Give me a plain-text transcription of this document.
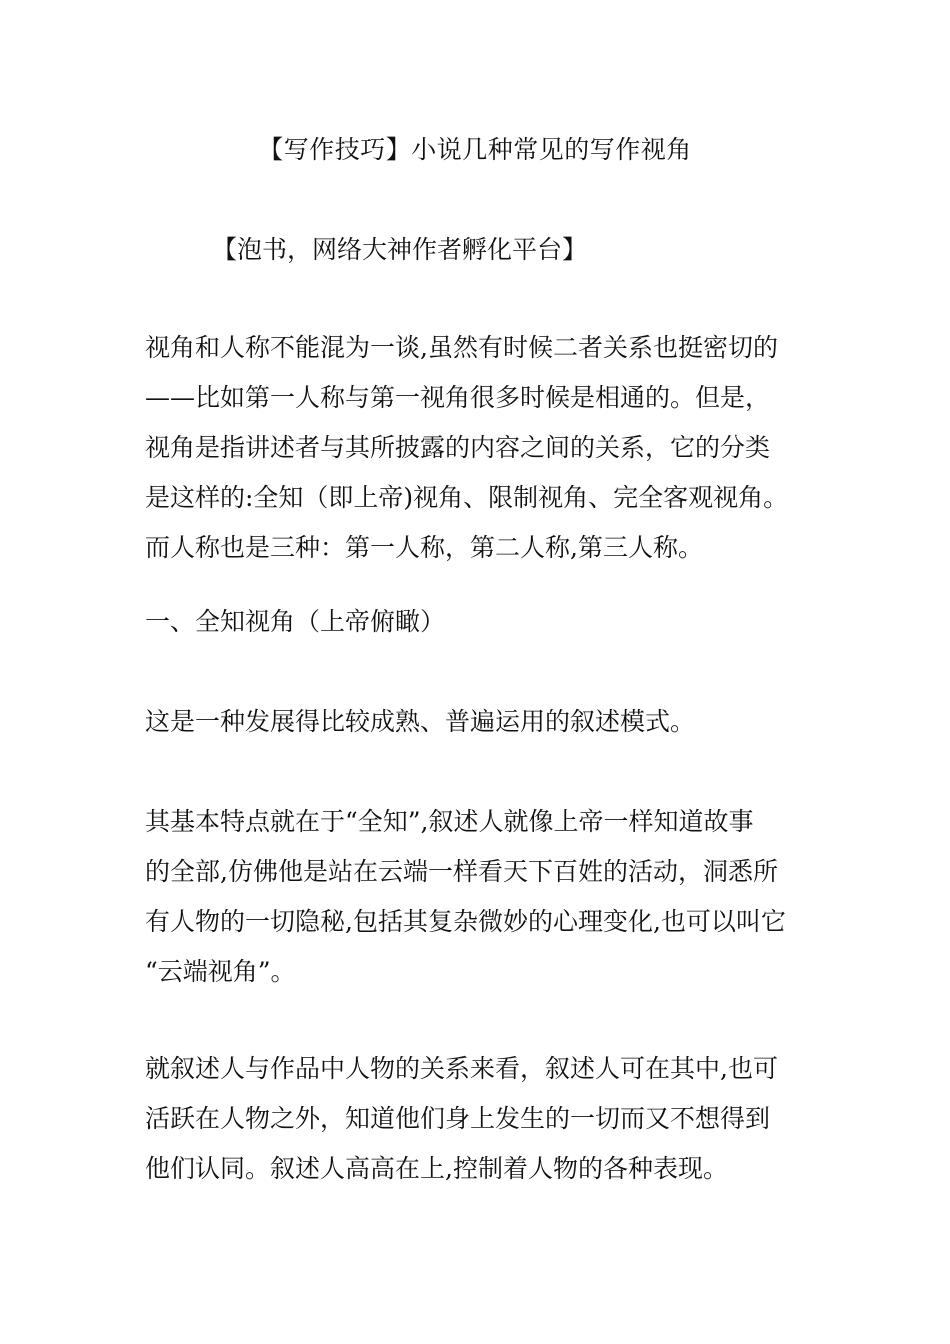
【写作技巧】小说几种常见的写作视角
【泡书，网络大神作者孵化平台】
视角和人称不能混为一谈,虽然有时候二者关系也挺密切的
——比如第一人称与第一视角很多时候是相通的。但是，
视角是指讲述者与其所披露的内容之间的关系，它的分类
是这样的:全知（即上帝)视角、限制视角、完全客观视角。
而人称也是三种：第一人称，第二人称,第三人称。
一、全知视角（上帝俯瞰）
这是一种发展得比较成熟、普遍运用的叙述模式。
其基本特点就在于“全知”,叙述人就像上帝一样知道故事
的全部,仿佛他是站在云端一样看天下百姓的活动，洞悉所
有人物的一切隐秘,包括其复杂微妙的心理变化,也可以叫它
“云端视角”。
就叙述人与作品中人物的关系来看，叙述人可在其中,也可
活跃在人物之外，知道他们身上发生的一切而又不想得到
他们认同。叙述人高高在上,控制着人物的各种表现。
